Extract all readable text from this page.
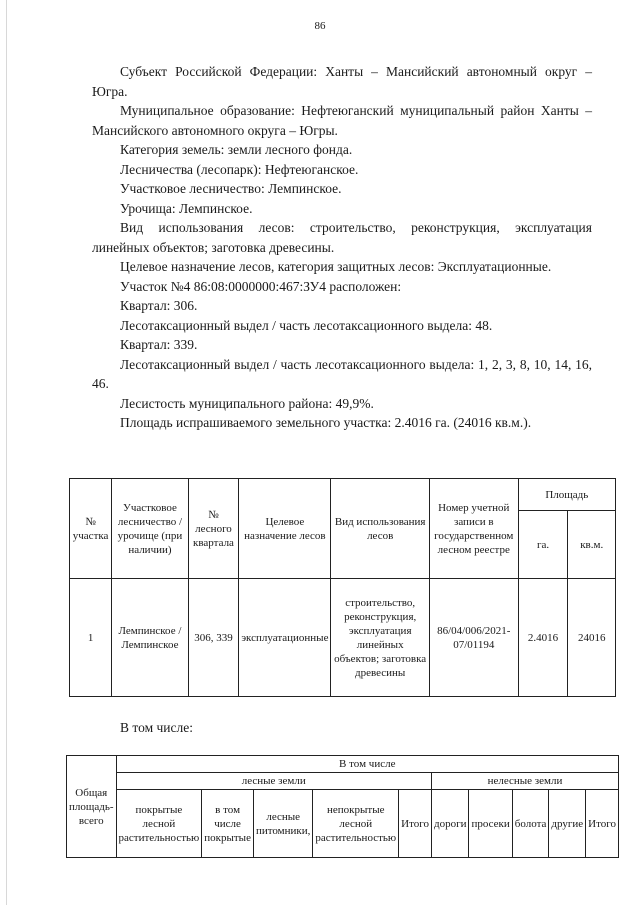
86

Субъект Российской Федерации: Ханты – Мансийский автономный округ – Югра.

Муниципальное образование: Нефтеюганский муниципальный район Ханты – Мансийского автономного округа – Югры.

Категория земель: земли лесного фонда.

Лесничества (лесопарк): Нефтеюганское.

Участковое лесничество: Лемпинское.

Урочища: Лемпинское.

Вид использования лесов: строительство, реконструкция, эксплуатация линейных объектов; заготовка древесины.

Целевое назначение лесов, категория защитных лесов: Эксплуатационные.

Участок №4 86:08:0000000:467:ЗУ4 расположен:

Квартал: 306.

Лесотаксационный выдел / часть лесотаксационного выдела: 48.

Квартал: 339.

Лесотаксационный выдел / часть лесотаксационного выдела: 1, 2, 3, 8, 10, 14, 16, 46.

Лесистость муниципального района: 49,9%.

Площадь испрашиваемого земельного участка: 2.4016 га. (24016 кв.м.).

№ участка	Участковое лесничество / урочище (при наличии)	№ лесного квартала	Целевое назначение лесов	Вид использования лесов	Номер учетной записи в государственном лесном реестре	Площадь	
						га.	кв.м.
1	Лемпинское / Лемпинское	306, 339	эксплуатационные	строительство, реконструкция, эксплуатация линейных объектов; заготовка древесины	86/04/006/2021-07/01194	2.4016	24016
В том числе:
Общая площадь-всего	В том числе									
	лесные земли					нелесные земли				
	покрытые лесной растительностью	в том числе покрытые	лесные питомники,	непокрытые лесной растительностью	Итого	дороги	просеки	болота	другие	Итого
